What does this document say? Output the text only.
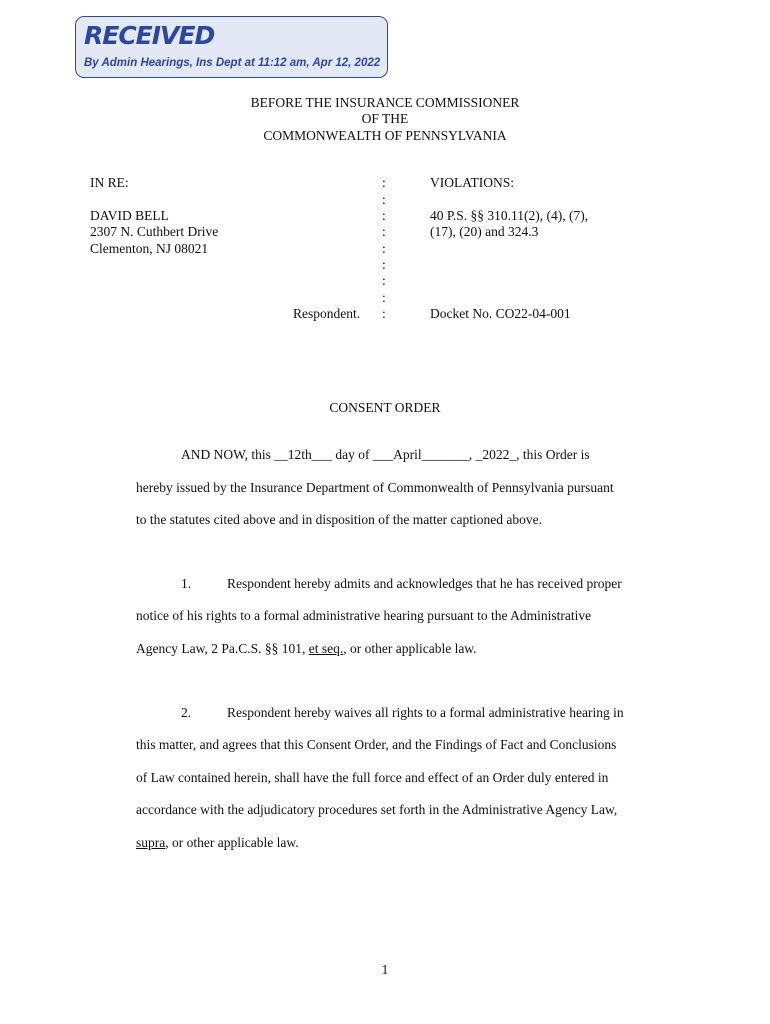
RECEIVED
By Admin Hearings, Ins Dept at 11:12 am, Apr 12, 2022
BEFORE THE INSURANCE COMMISSIONER
OF THE
COMMONWEALTH OF PENNSYLVANIA
IN RE:
DAVID BELL
2307 N. Cuthbert Drive
Clementon, NJ 08021
Respondent.
:
:
:
:
:
:
:
:
:
VIOLATIONS:
40 P.S. §§ 310.11(2), (4), (7),
(17), (20) and 324.3
Docket No. CO22-04-001
CONSENT ORDER
AND NOW, this __12th___ day of ___April_______, _2022_, this Order is
hereby issued by the Insurance Department of Commonwealth of Pennsylvania pursuant
to the statutes cited above and in disposition of the matter captioned above.
1.	Respondent hereby admits and acknowledges that he has received proper
notice of his rights to a formal administrative hearing pursuant to the Administrative
Agency Law, 2 Pa.C.S. §§ 101, et seq., or other applicable law.
2.	Respondent hereby waives all rights to a formal administrative hearing in
this matter, and agrees that this Consent Order, and the Findings of Fact and Conclusions
of Law contained herein, shall have the full force and effect of an Order duly entered in
accordance with the adjudicatory procedures set forth in the Administrative Agency Law,
supra, or other applicable law.
1
